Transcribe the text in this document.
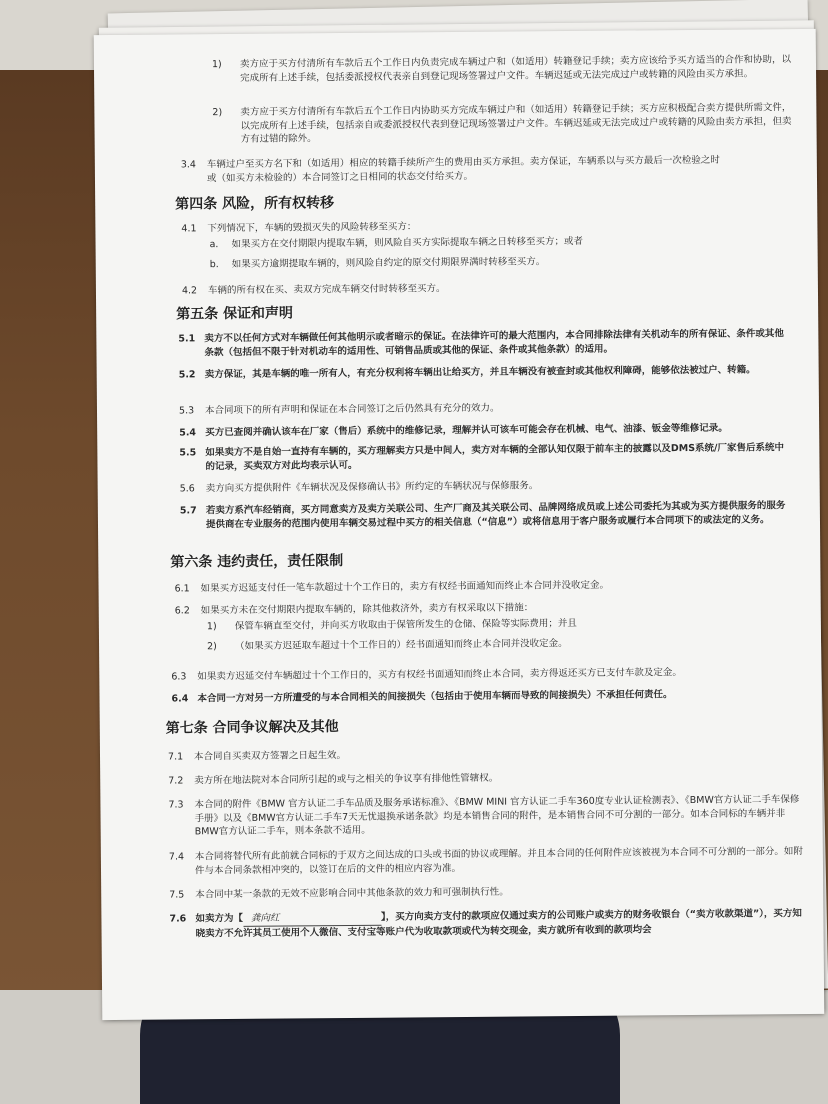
1) 卖方应于买方付清所有车款后五个工作日内负责完成车辆过户和（如适用）转籍登记手续；卖方应该给予买方适当的合作和协助，以完成所有上述手续，包括委派授权代表亲自到登记现场签署过户文件。车辆迟延或无法完成过户或转籍的风险由买方承担。
2) 卖方应于买方付清所有车款后五个工作日内协助买方完成车辆过户和（如适用）转籍登记手续；买方应积极配合卖方提供所需文件，以完成所有上述手续，包括亲自或委派授权代表到登记现场签署过户文件。车辆迟延或无法完成过户或转籍的风险由卖方承担，但卖方有过错的除外。
3.4 车辆过户至买方名下和（如适用）相应的转籍手续所产生的费用由买方承担。卖方保证，车辆系以与买方最后一次检验之时或（如买方未检验的）本合同签订之日相同的状态交付给买方。
第四条 风险，所有权转移
4.1 下列情况下，车辆的毁损灭失的风险转移至买方：
a. 如果买方在交付期限内提取车辆，则风险自买方实际提取车辆之日转移至买方；或者
b. 如果买方逾期提取车辆的，则风险自约定的原交付期限界满时转移至买方。
4.2 车辆的所有权在买、卖双方完成车辆交付时转移至买方。
第五条 保证和声明
5.1 卖方不以任何方式对车辆做任何其他明示或者暗示的保证。在法律许可的最大范围内，本合同排除法律有关机动车的所有保证、条件或其他条款（包括但不限于针对机动车的适用性、可销售品质或其他的保证、条件或其他条款）的适用。
5.2 卖方保证，其是车辆的唯一所有人，有充分权利将车辆出让给买方，并且车辆没有被查封或其他权利障碍，能够依法被过户、转籍。
5.3 本合同项下的所有声明和保证在本合同签订之后仍然具有充分的效力。
5.4 买方已查阅并确认该车在厂家（售后）系统中的维修记录，理解并认可该车可能会存在机械、电气、油漆、钣金等维修记录。
5.5 如果卖方不是自始一直持有车辆的，买方理解卖方只是中间人，卖方对车辆的全部认知仅限于前车主的披露以及DMS系统/厂家售后系统中的记录，买卖双方对此均表示认可。
5.6 卖方向买方提供附件《车辆状况及保修确认书》所约定的车辆状况与保修服务。
5.7 若卖方系汽车经销商，买方同意卖方及卖方关联公司、生产厂商及其关联公司、品牌网络成员或上述公司委托为其或为买方提供服务的服务提供商在专业服务的范围内使用车辆交易过程中买方的相关信息（“信息”）或将信息用于客户服务或履行本合同项下的或法定的义务。
第六条 违约责任，责任限制
6.1 如果买方迟延支付任一笔车款超过十个工作日的，卖方有权经书面通知而终止本合同并没收定金。
6.2 如果买方未在交付期限内提取车辆的，除其他救济外，卖方有权采取以下措施：
1) 保管车辆直至交付，并向买方收取由于保管所发生的仓储、保险等实际费用；并且
2) （如果买方迟延取车超过十个工作日的）经书面通知而终止本合同并没收定金。
6.3 如果卖方迟延交付车辆超过十个工作日的，买方有权经书面通知而终止本合同，卖方得返还买方已支付车款及定金。
6.4 本合同一方对另一方所遭受的与本合同相关的间接损失（包括由于使用车辆而导致的间接损失）不承担任何责任。
第七条 合同争议解决及其他
7.1 本合同自买卖双方签署之日起生效。
7.2 卖方所在地法院对本合同所引起的或与之相关的争议享有排他性管辖权。
7.3 本合同的附件《BMW 官方认证二手车品质及服务承诺标准》、《BMW MINI 官方认证二手车360度专业认证检测表》、《BMW官方认证二手车保修手册》以及《BMW官方认证二手车7天无忧退换承诺条款》均是本销售合同的附件，是本销售合同不可分割的一部分。如本合同标的车辆并非BMW官方认证二手车，则本条款不适用。
7.4 本合同将替代所有此前就合同标的于双方之间达成的口头或书面的协议或理解。并且本合同的任何附件应该被视为本合同不可分割的一部分。如附件与本合同条款相冲突的，以签订在后的文件的相应内容为准。
7.5 本合同中某一条款的无效不应影响合同中其他条款的效力和可强制执行性。
7.6 如卖方为【 龚向红	】，买方向卖方支付的款项应仅通过卖方的公司账户或卖方的财务收银台（“卖方收款渠道”），买方知晓卖方不允许其员工使用个人微信、支付宝等账户代为收取款项或代为转交现金，卖方就所有收到的款项均会
